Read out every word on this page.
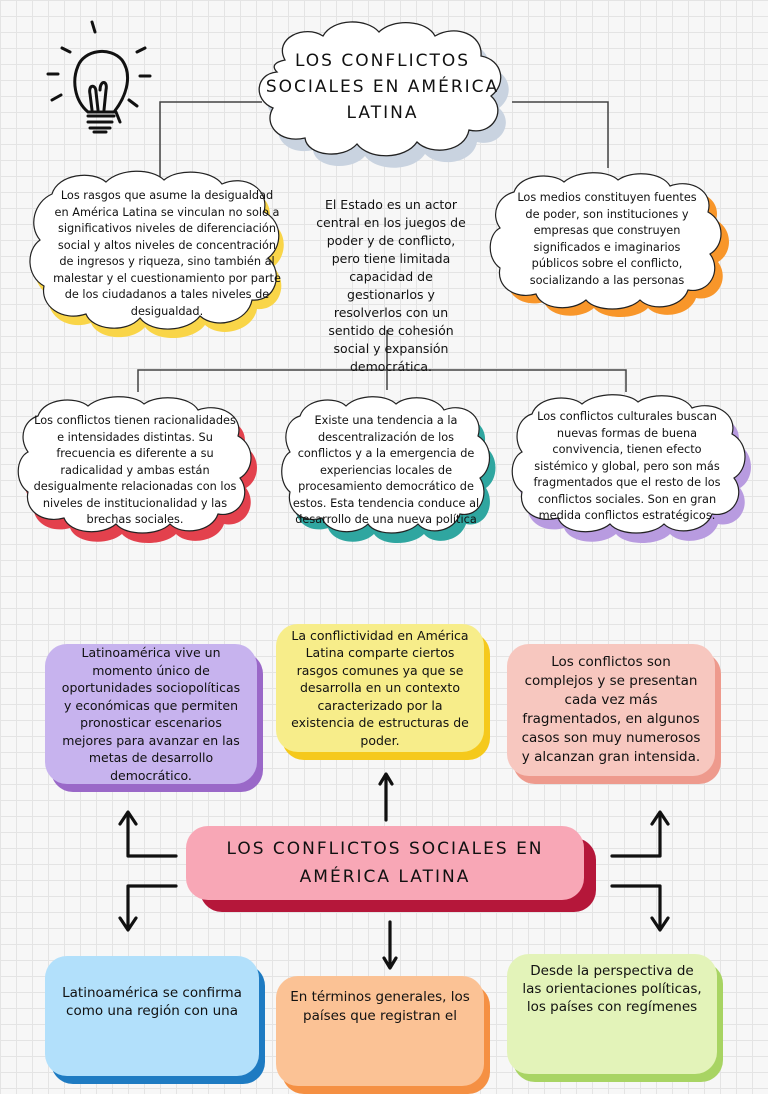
LOS CONFLICTOS SOCIALES EN AMÉRICA LATINA
Los rasgos que asume la desigualdad en América Latina se vinculan no solo a significativos niveles de diferenciación social y altos niveles de concentración de ingresos y riqueza, sino también al malestar y el cuestionamiento por parte de los ciudadanos a tales niveles de desigualdad.
El Estado es un actor central en los juegos de poder y de conflicto, pero tiene limitada capacidad de gestionarlos y resolverlos con un sentido de cohesión social y expansión democrática.
Los medios constituyen fuentes de poder, son instituciones y empresas que construyen significados e imaginarios públicos sobre el conflicto, socializando a las personas
Los conflictos tienen racionalidades e intensidades distintas. Su frecuencia es diferente a su radicalidad y ambas están desigualmente relacionadas con los niveles de institucionalidad y las brechas sociales.
Existe una tendencia a la descentralización de los conflictos y a la emergencia de experiencias locales de procesamiento democrático de estos. Esta tendencia conduce al desarrollo de una nueva política
Los conflictos culturales buscan nuevas formas de buena convivencia, tienen efecto sistémico y global, pero son más fragmentados que el resto de los conflictos sociales. Son en gran medida conflictos estratégicos.
Latinoamérica vive un momento único de oportunidades sociopolíticas y económicas que permiten pronosticar escenarios mejores para avanzar en las metas de desarrollo democrático.
La conflictividad en América Latina comparte ciertos rasgos comunes ya que se desarrolla en un contexto caracterizado por la existencia de estructuras de poder.
Los conflictos son complejos y se presentan cada vez más fragmentados, en algunos casos son muy numerosos y alcanzan gran intensida.
LOS CONFLICTOS SOCIALES EN AMÉRICA LATINA
Latinoamérica se confirma como una región con una
En términos generales, los países que registran el
Desde la perspectiva de las orientaciones políticas, los países con regímenes
